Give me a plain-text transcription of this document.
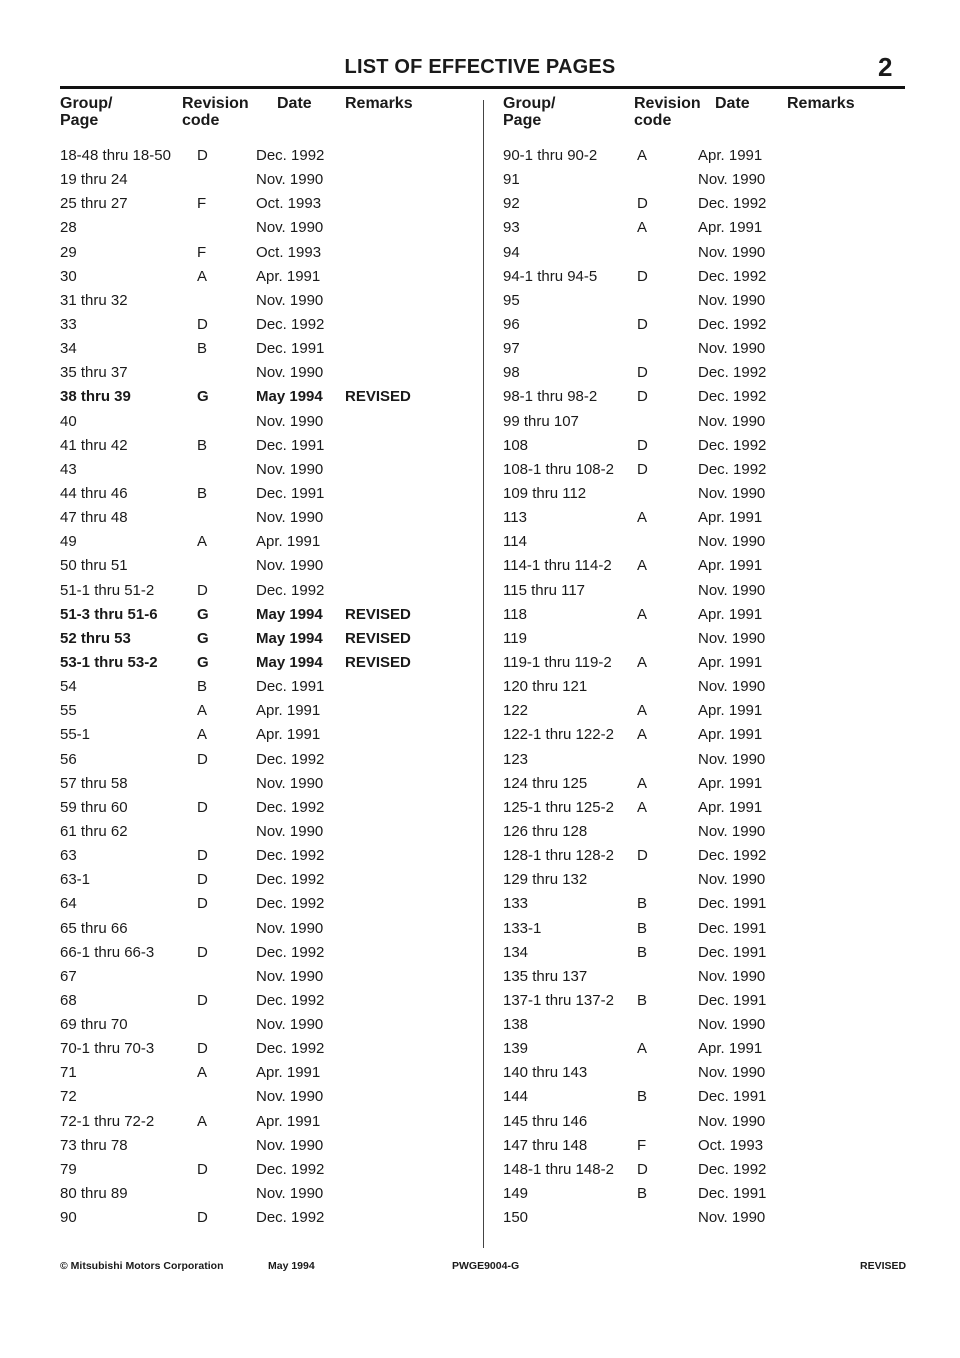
LIST OF EFFECTIVE PAGES	2
Group/
Page
Revision
code
Date Remarks	Group/
Page
Revision
code
Date Remarks
18-48 thru 18-50 D	Dec. 1992
19 thru 24	Nov. 1990
25 thru 27	F	Oct. 1993
28	Nov. 1990
29	F	Oct. 1993
30	A	Apr. 1991
31 thru 32	Nov. 1990
33	D	Dec. 1992
34	B	Dec. 1991
35 thru 37	Nov. 1990
38 thru 39	G	May 1994 REVISED
40	Nov. 1990
41 thru 42	B	Dec. 1991
43	Nov. 1990
44 thru 46	B	Dec. 1991
47 thru 48	Nov. 1990
49	A	Apr. 1991
50 thru 51	Nov. 1990
51-1 thru 51-2	D	Dec. 1992
51-3 thru 51-6	G	May 1994 REVISED
52 thru 53	G	May 1994 REVISED
53-1 thru 53-2	G	May 1994 REVISED
54	B	Dec. 1991
55	A	Apr. 1991
55-1	A	Apr. 1991
56	D	Dec. 1992
57 thru 58	Nov. 1990
59 thru 60	D	Dec. 1992
61 thru 62	Nov. 1990
63	D	Dec. 1992
63-1	D	Dec. 1992
64	D	Dec. 1992
65 thru 66	Nov. 1990
66-1 thru 66-3	D	Dec. 1992
67	Nov. 1990
68	D	Dec. 1992
69 thru 70	Nov. 1990
70-1 thru 70-3	D	Dec. 1992
71	A	Apr. 1991
72	Nov. 1990
72-1 thru 72-2	A	Apr. 1991
73 thru 78	Nov. 1990
79	D	Dec. 1992
80 thru 89	Nov. 1990
90	D	Dec. 1992
90-1 thru 90-2	A	Apr. 1991
91	Nov. 1990
92	D	Dec. 1992
93	A	Apr. 1991
94	Nov. 1990
94-1 thru 94-5	D	Dec. 1992
95	Nov. 1990
96	D	Dec. 1992
97	Nov. 1990
98	D	Dec. 1992
98-1 thru 98-2	D	Dec. 1992
99 thru 107	Nov. 1990
108	D	Dec. 1992
108-1 thru 108-2 D	Dec. 1992
109 thru 112	Nov. 1990
113	A	Apr. 1991
114	Nov. 1990
114-1 thru 114-2 A	Apr. 1991
115 thru 117	Nov. 1990
118	A	Apr. 1991
119	Nov. 1990
119-1 thru 119-2 A	Apr. 1991
120 thru 121	Nov. 1990
122	A	Apr. 1991
122-1 thru 122-2 A	Apr. 1991
123	Nov. 1990
124 thru 125	A	Apr. 1991
125-1 thru 125-2 A	Apr. 1991
126 thru 128	Nov. 1990
128-1 thru 128-2 D	Dec. 1992
129 thru 132	Nov. 1990
133	B	Dec. 1991
133-1	B	Dec. 1991
134	B	Dec. 1991
135 thru 137	Nov. 1990
137-1 thru 137-2 B	Dec. 1991
138	Nov. 1990
139	A	Apr. 1991
140 thru 143	Nov. 1990
144	B	Dec. 1991
145 thru 146	Nov. 1990
147 thru 148	F	Oct. 1993
148-1 thru 148-2 D	Dec. 1992
149	B	Dec. 1991
150	Nov. 1990
© Mitsubishi Motors Corporation	May 1994	PWGE9004-G	REVISED
